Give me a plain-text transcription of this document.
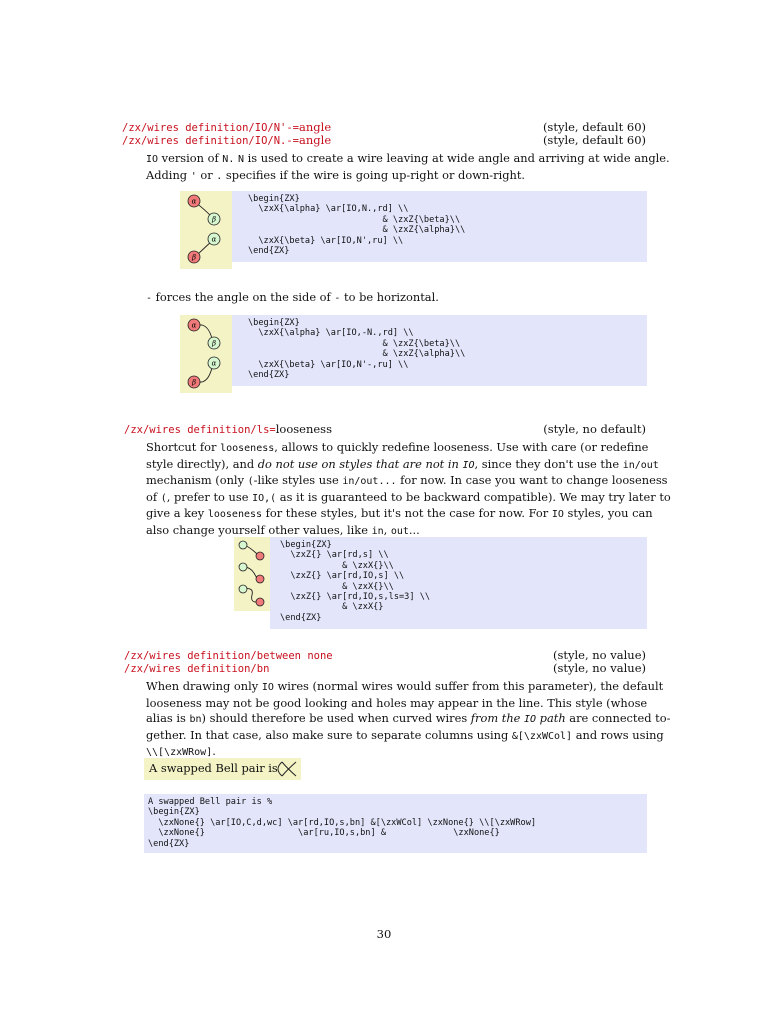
/zx/wires definition/IO/N'-=angle	(style, default 60)
/zx/wires definition/IO/N.-=angle	(style, default 60)
IO version of N. N is used to create a wire leaving at wide angle and arriving at wide angle.
Adding ' or . specifies if the wire is going up-right or down-right.
α
β
α
β
\begin{ZX}
\zxX{\alpha} \ar[IO,N.,rd] \\
& \zxZ{\beta}\\
& \zxZ{\alpha}\\
\zxX{\beta} \ar[IO,N',ru] \\
\end{ZX}
- forces the angle on the side of - to be horizontal.
α
β
α
β
\begin{ZX}
\zxX{\alpha} \ar[IO,-N.,rd] \\
& \zxZ{\beta}\\
& \zxZ{\alpha}\\
\zxX{\beta} \ar[IO,N'-,ru] \\
\end{ZX}
/zx/wires definition/ls=looseness	(style, no default)
Shortcut for looseness, allows to quickly redefine looseness. Use with care (or redefine
style directly), and do not use on styles that are not in IO, since they don't use the in/out
mechanism (only (-like styles use in/out... for now. In case you want to change looseness
of (, prefer to use IO,( as it is guaranteed to be backward compatible). We may try later to
give a key looseness for these styles, but it's not the case for now. For IO styles, you can
also change yourself other values, like in, out...
\begin{ZX}
\zxZ{} \ar[rd,s] \\
& \zxX{}\\
\zxZ{} \ar[rd,IO,s] \\
& \zxX{}\\
\zxZ{} \ar[rd,IO,s,ls=3] \\
& \zxX{}
\end{ZX}
/zx/wires definition/between none	(style, no value)
/zx/wires definition/bn	(style, no value)
When drawing only IO wires (normal wires would suffer from this parameter), the default
looseness may not be good looking and holes may appear in the line. This style (whose
alias is bn) should therefore be used when curved wires from the IO path are connected to-
gether. In that case, also make sure to separate columns using &[\zxWCol] and rows using
\\[\zxWRow].
A swapped Bell pair is
A swapped Bell pair is %
\begin{ZX}
\zxNone{} \ar[IO,C,d,wc] \ar[rd,IO,s,bn] &[\zxWCol] \zxNone{} \\[\zxWRow]
\zxNone{}                  \ar[ru,IO,s,bn] &             \zxNone{}
\end{ZX}
30
